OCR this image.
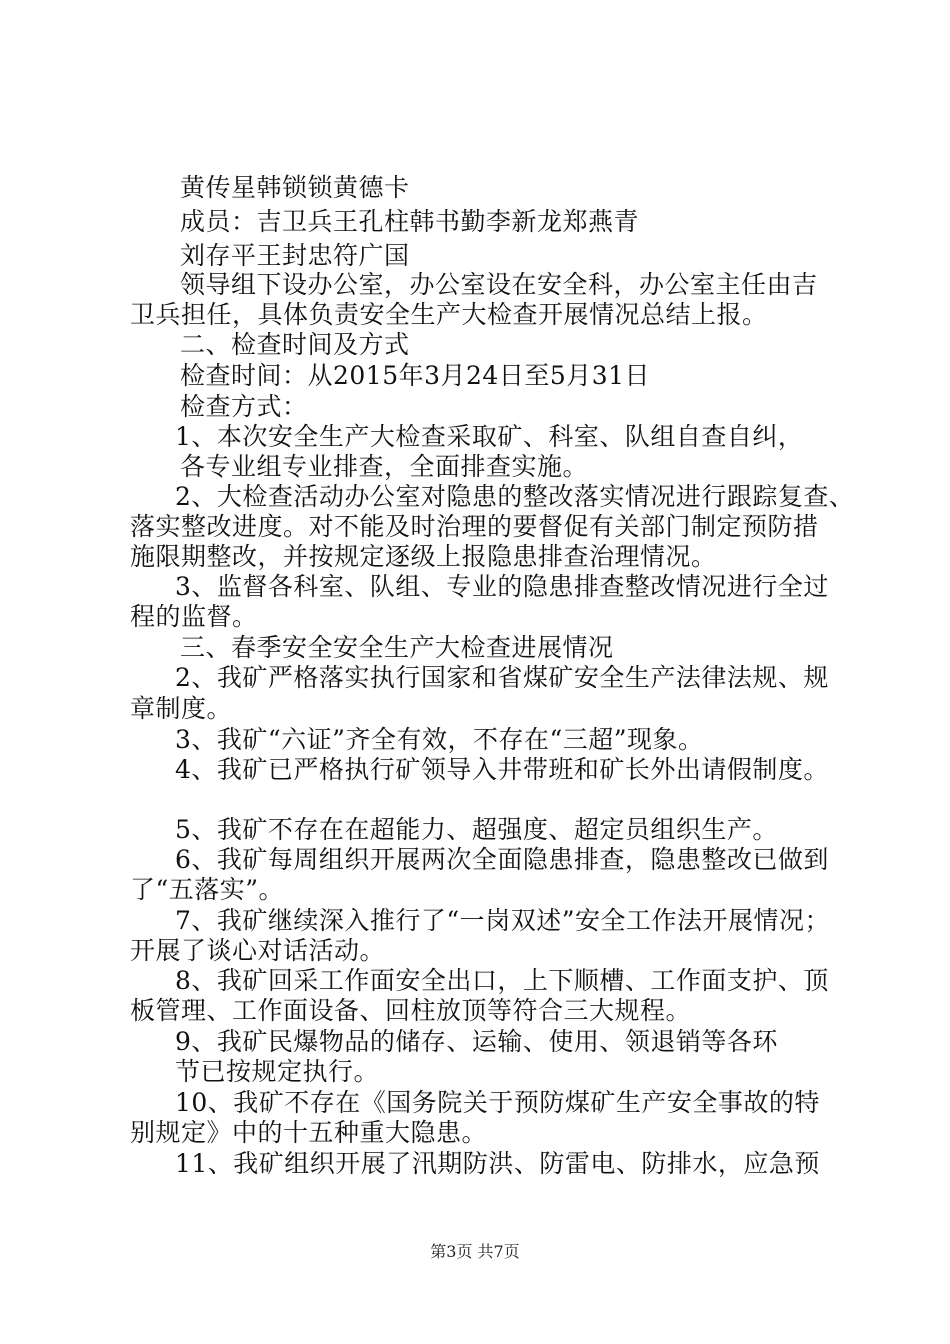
黄传星韩锁锁黄德卡
成员：吉卫兵王孔柱韩书勤李新龙郑燕青
刘存平王封忠符广国
领导组下设办公室，办公室设在安全科，办公室主任由吉
卫兵担任，具体负责安全生产大检查开展情况总结上报。
二、检查时间及方式
检查时间：从2015年3月24日至5月31日
检查方式：
1、本次安全生产大检查采取矿、科室、队组自查自纠，
各专业组专业排查，全面排查实施。
2、大检查活动办公室对隐患的整改落实情况进行跟踪复查、
落实整改进度。对不能及时治理的要督促有关部门制定预防措
施限期整改，并按规定逐级上报隐患排查治理情况。
3、监督各科室、队组、专业的隐患排查整改情况进行全过
程的监督。
三、春季安全安全生产大检查进展情况
2、我矿严格落实执行国家和省煤矿安全生产法律法规、规
章制度。
3、我矿“六证”齐全有效，不存在“三超”现象。
4、我矿已严格执行矿领导入井带班和矿长外出请假制度。
5、我矿不存在在超能力、超强度、超定员组织生产。
6、我矿每周组织开展两次全面隐患排查，隐患整改已做到
了“五落实”。
7、我矿继续深入推行了“一岗双述”安全工作法开展情况；
开展了谈心对话活动。
8、我矿回采工作面安全出口，上下顺槽、工作面支护、顶
板管理、工作面设备、回柱放顶等符合三大规程。
9、我矿民爆物品的储存、运输、使用、领退销等各环
节已按规定执行。
10、我矿不存在《国务院关于预防煤矿生产安全事故的特
别规定》中的十五种重大隐患。
11、我矿组织开展了汛期防洪、防雷电、防排水，应急预
第3页 共7页
